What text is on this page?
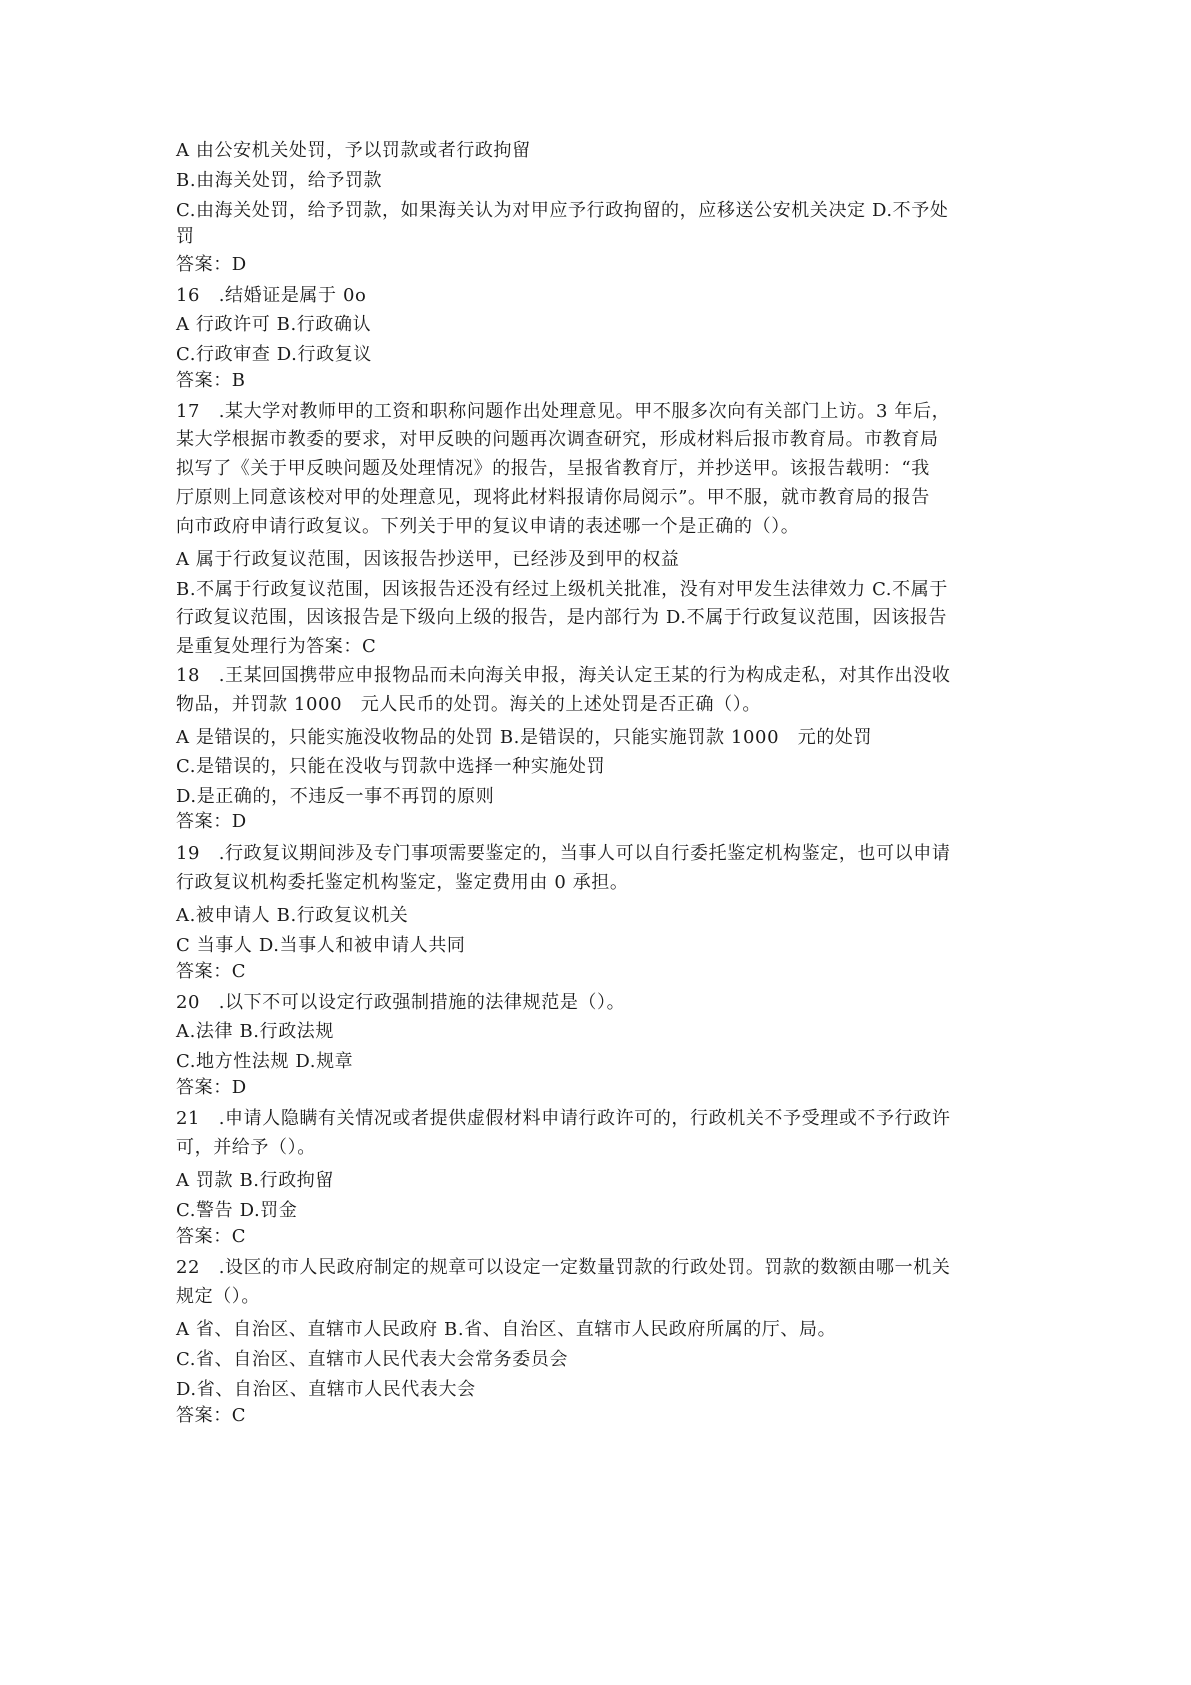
A 由公安机关处罚，予以罚款或者行政拘留
B.由海关处罚，给予罚款
C.由海关处罚，给予罚款，如果海关认为对甲应予行政拘留的，应移送公安机关决定 D.不予处
罚
答案：D
16　.结婚证是属于 0o
A 行政许可 B.行政确认
C.行政审查 D.行政复议
答案：B
17　.某大学对教师甲的工资和职称问题作出处理意见。甲不服多次向有关部门上访。3 年后，
某大学根据市教委的要求，对甲反映的问题再次调查研究，形成材料后报市教育局。市教育局
拟写了《关于甲反映问题及处理情况》的报告，呈报省教育厅，并抄送甲。该报告载明：“我
厅原则上同意该校对甲的处理意见，现将此材料报请你局阅示”。甲不服，就市教育局的报告
向市政府申请行政复议。下列关于甲的复议申请的表述哪一个是正确的（）。
A 属于行政复议范围，因该报告抄送甲，已经涉及到甲的权益
B.不属于行政复议范围，因该报告还没有经过上级机关批准，没有对甲发生法律效力 C.不属于
行政复议范围，因该报告是下级向上级的报告，是内部行为 D.不属于行政复议范围，因该报告
是重复处理行为答案：C
18　.王某回国携带应申报物品而未向海关申报，海关认定王某的行为构成走私，对其作出没收
物品，并罚款 1000　元人民币的处罚。海关的上述处罚是否正确（）。
A 是错误的，只能实施没收物品的处罚 B.是错误的，只能实施罚款 1000　元的处罚
C.是错误的，只能在没收与罚款中选择一种实施处罚
D.是正确的，不违反一事不再罚的原则
答案：D
19　.行政复议期间涉及专门事项需要鉴定的，当事人可以自行委托鉴定机构鉴定，也可以申请
行政复议机构委托鉴定机构鉴定，鉴定费用由 0 承担。
A.被申请人 B.行政复议机关
C 当事人 D.当事人和被申请人共同
答案：C
20　.以下不可以设定行政强制措施的法律规范是（）。
A.法律 B.行政法规
C.地方性法规 D.规章
答案：D
21　.申请人隐瞒有关情况或者提供虚假材料申请行政许可的，行政机关不予受理或不予行政许
可，并给予（）。
A 罚款 B.行政拘留
C.警告 D.罚金
答案：C
22　.设区的市人民政府制定的规章可以设定一定数量罚款的行政处罚。罚款的数额由哪一机关
规定（）。
A 省、自治区、直辖市人民政府 B.省、自治区、直辖市人民政府所属的厅、局。
C.省、自治区、直辖市人民代表大会常务委员会
D.省、自治区、直辖市人民代表大会
答案：C
